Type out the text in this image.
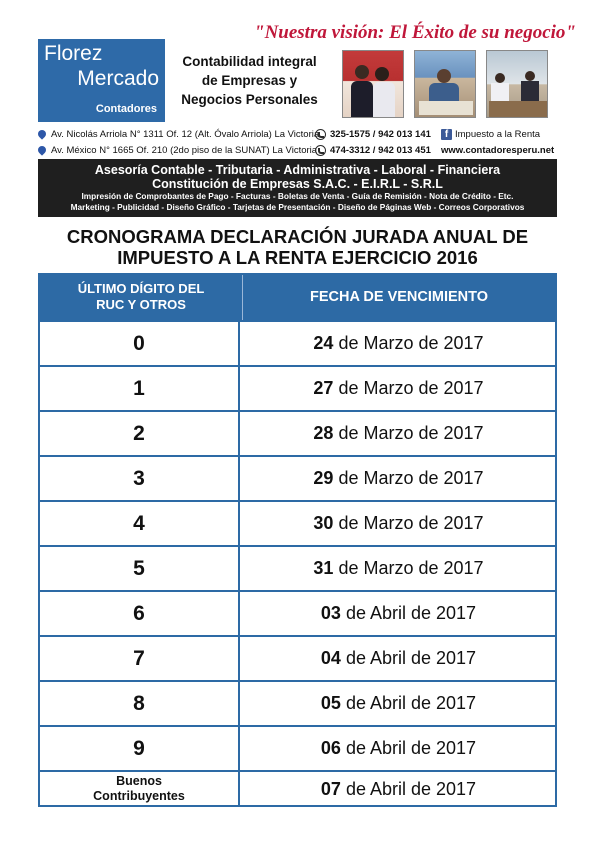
"Nuestra visión: El Éxito de su negocio"
Florez
Mercado
Contadores
Contabilidad integral
de Empresas y
Negocios Personales
Av. Nicolás Arriola N° 1311 Of. 12 (Alt. Óvalo Arriola) La Victoria
Av. México N° 1665 Of. 210 (2do piso de la SUNAT) La Victoria
325-1575 / 942 013 141
474-3312 / 942 013 451
f Impuesto a la Renta
www.contadoresperu.net
Asesoría Contable - Tributaria - Administrativa - Laboral - Financiera
Constitución de Empresas S.A.C. - E.I.R.L - S.R.L
Impresión de Comprobantes de Pago - Facturas - Boletas de Venta - Guía de Remisión - Nota de Crédito - Etc.
Marketing - Publicidad - Diseño Gráfico - Tarjetas de Presentación - Diseño de Páginas Web - Correos Corporativos
CRONOGRAMA DECLARACIÓN JURADA ANUAL DE
IMPUESTO A LA RENTA EJERCICIO 2016
ÚLTIMO DÍGITO DEL
RUC Y OTROS	FECHA DE VENCIMIENTO
0	24 de Marzo de 2017
1	27 de Marzo de 2017
2	28 de Marzo de 2017
3	29 de Marzo de 2017
4	30 de Marzo de 2017
5	31 de Marzo de 2017
6	03 de Abril de 2017
7	04 de Abril de 2017
8	05 de Abril de 2017
9	06 de Abril de 2017
Buenos
Contribuyentes	07 de Abril de 2017
